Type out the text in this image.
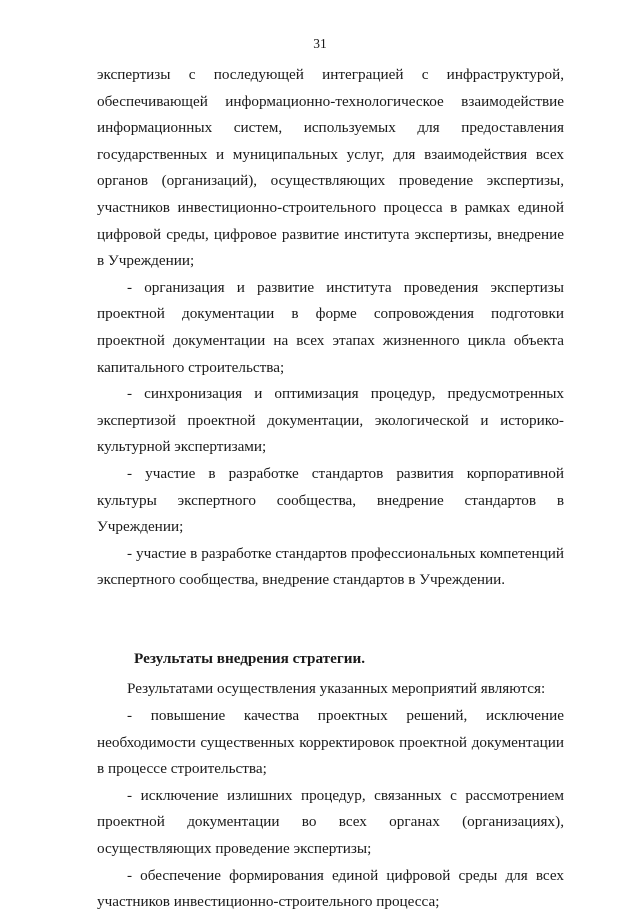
31

экспертизы с последующей интеграцией с инфраструктурой, обеспечивающей информационно-технологическое взаимодействие информационных систем, используемых для предоставления государственных и муниципальных услуг, для взаимодействия всех органов (организаций), осуществляющих проведение экспертизы, участников инвестиционно-строительного процесса в рамках единой цифровой среды, цифровое развитие института экспертизы, внедрение в Учреждении;

- организация и развитие института проведения экспертизы проектной документации в форме сопровождения подготовки проектной документации на всех этапах жизненного цикла объекта капитального строительства;

- синхронизация и оптимизация процедур, предусмотренных экспертизой проектной документации, экологической и историко-культурной экспертизами;

- участие в разработке стандартов развития корпоративной культуры экспертного сообщества, внедрение стандартов в Учреждении;

- участие в разработке стандартов профессиональных компетенций экспертного сообщества, внедрение стандартов в Учреждении.

Результаты внедрения стратегии.

Результатами осуществления указанных мероприятий являются:

- повышение качества проектных решений, исключение необходимости существенных корректировок проектной документации в процессе строительства;

- исключение излишних процедур, связанных с рассмотрением проектной документации во всех органах (организациях), осуществляющих проведение экспертизы;

- обеспечение формирования единой цифровой среды для всех участников инвестиционно-строительного процесса;
